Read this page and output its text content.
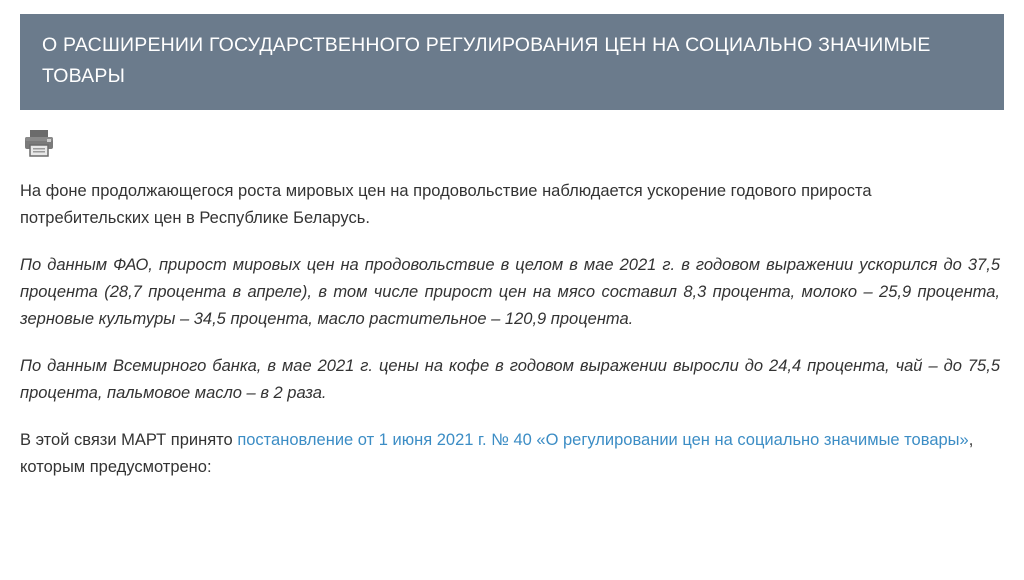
О РАСШИРЕНИИ ГОСУДАРСТВЕННОГО РЕГУЛИРОВАНИЯ ЦЕН НА СОЦИАЛЬНО ЗНАЧИМЫЕ ТОВАРЫ

На фоне продолжающегося роста мировых цен на продовольствие наблюдается ускорение годового прироста потребительских цен в Республике Беларусь.

По данным ФАО, прирост мировых цен на продовольствие в целом в мае 2021 г. в годовом выражении ускорился до 37,5 процента (28,7 процента в апреле), в том числе прирост цен на мясо составил 8,3 процента, молоко – 25,9 процента, зерновые культуры – 34,5 процента, масло растительное – 120,9 процента.

По данным Всемирного банка, в мае 2021 г. цены на кофе в годовом выражении выросли до 24,4 процента, чай – до 75,5 процента, пальмовое масло – в 2 раза.

В этой связи МАРТ принято постановление от 1 июня 2021 г. № 40 «О регулировании цен на социально значимые товары», которым предусмотрено:
